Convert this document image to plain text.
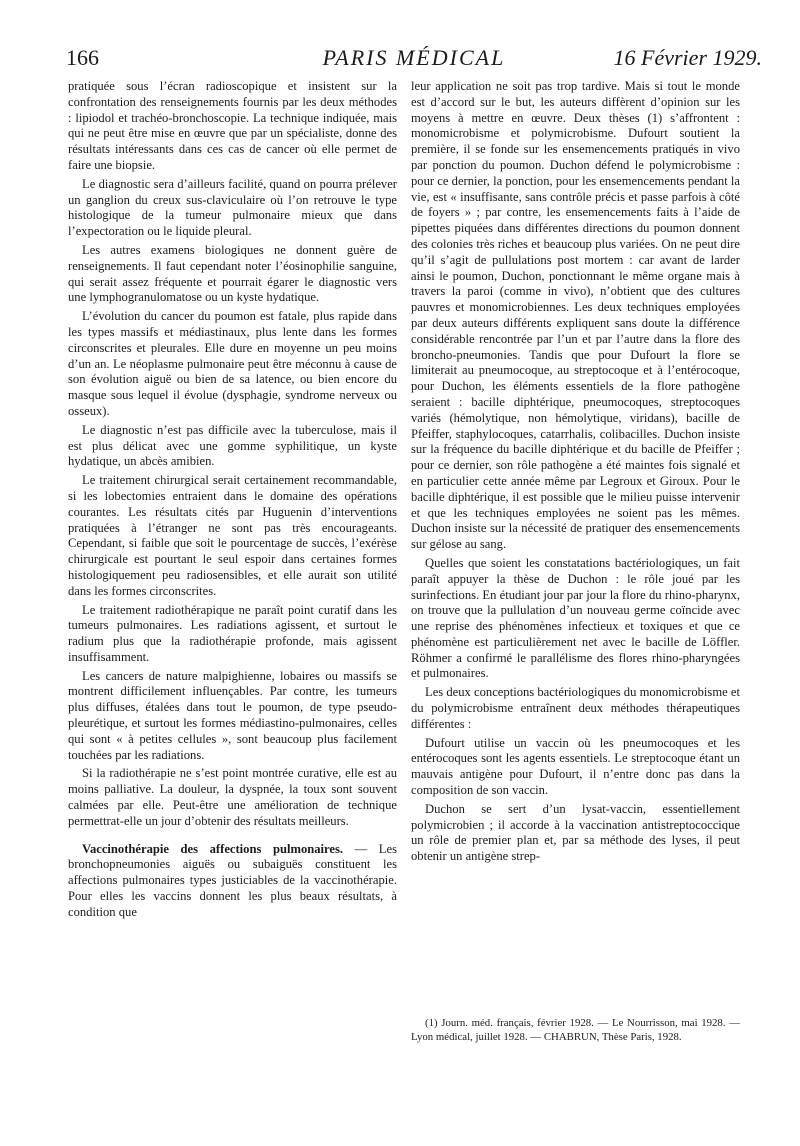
166	PARIS MÉDICAL	16 Février 1929.

pratiquée sous l’écran radioscopique et insistent sur la confrontation des renseignements fournis par les deux méthodes : lipiodol et trachéo-bronchoscopie. La technique indiquée, mais qui ne peut être mise en œuvre que par un spécialiste, donne des résultats intéressants dans ces cas de cancer où elle permet de faire une biopsie.

Le diagnostic sera d’ailleurs facilité, quand on pourra prélever un ganglion du creux sus-claviculaire où l’on retrouve le type histologique de la tumeur pulmonaire mieux que dans l’expectoration ou le liquide pleural.

Les autres examens biologiques ne donnent guère de renseignements. Il faut cependant noter l’éosinophilie sanguine, qui serait assez fréquente et pourrait égarer le diagnostic vers une lymphogranulomatose ou un kyste hydatique.

L’évolution du cancer du poumon est fatale, plus rapide dans les types massifs et médiastinaux, plus lente dans les formes circonscrites et pleurales. Elle dure en moyenne un peu moins d’un an. Le néoplasme pulmonaire peut être méconnu à cause de son évolution aiguë ou bien de sa latence, ou bien encore du masque sous lequel il évolue (dysphagie, syndrome nerveux ou osseux).

Le diagnostic n’est pas difficile avec la tuberculose, mais il est plus délicat avec une gomme syphilitique, un kyste hydatique, un abcès amibien.

Le traitement chirurgical serait certainement recommandable, si les lobectomies entraient dans le domaine des opérations courantes. Les résultats cités par Huguenin d’interventions pratiquées à l’étranger ne sont pas très encourageants. Cependant, si faible que soit le pourcentage de succès, l’exérèse chirurgicale est pourtant le seul espoir dans certaines formes histologiquement peu radiosensibles, et elle aurait son utilité dans les formes circonscrites.

Le traitement radiothérapique ne paraît point curatif dans les tumeurs pulmonaires. Les radiations agissent, et surtout le radium plus que la radiothérapie profonde, mais agissent insuffisamment.

Les cancers de nature malpighienne, lobaires ou massifs se montrent difficilement influençables. Par contre, les tumeurs plus diffuses, étalées dans tout le poumon, de type pseudo-pleurétique, et surtout les formes médiastino-pulmonaires, celles qui sont « à petites cellules », sont beaucoup plus facilement touchées par les radiations.

Si la radiothérapie ne s’est point montrée curative, elle est au moins palliative. La douleur, la dyspnée, la toux sont souvent calmées par elle. Peut-être une amélioration de technique permettrat-elle un jour d’obtenir des résultats meilleurs.

Vaccinothérapie des affections pulmonaires. — Les bronchopneumonies aiguës ou subaiguës constituent les affections pulmonaires types justiciables de la vaccinothérapie. Pour elles les vaccins donnent les plus beaux résultats, à condition que

leur application ne soit pas trop tardive. Mais si tout le monde est d’accord sur le but, les auteurs diffèrent d’opinion sur les moyens à mettre en œuvre. Deux thèses (1) s’affrontent : monomicrobisme et polymicrobisme. Dufourt soutient la première, il se fonde sur les ensemencements pratiqués in vivo par ponction du poumon. Duchon défend le polymicrobisme : pour ce dernier, la ponction, pour les ensemencements pendant la vie, est « insuffisante, sans contrôle précis et passe parfois à côté de foyers » ; par contre, les ensemencements faits à l’aide de pipettes piquées dans différentes directions du poumon donnent des colonies très riches et beaucoup plus variées. On ne peut dire qu’il s’agit de pullulations post mortem : car avant de larder ainsi le poumon, Duchon, ponctionnant le même organe mais à travers la paroi (comme in vivo), n’obtient que des cultures pauvres et monomicrobiennes. Les deux techniques employées par deux auteurs différents expliquent sans doute la différence considérable rencontrée par l’un et par l’autre dans la flore des broncho-pneumonies. Tandis que pour Dufourt la flore se limiterait au pneumocoque, au streptocoque et à l’entérocoque, pour Duchon, les éléments essentiels de la flore pathogène seraient : bacille diphtérique, pneumocoques, streptocoques variés (hémolytique, non hémolytique, viridans), bacille de Pfeiffer, staphylocoques, catarrhalis, colibacilles. Duchon insiste sur la fréquence du bacille diphtérique et du bacille de Pfeiffer ; pour ce dernier, son rôle pathogène a été maintes fois signalé et en particulier cette année même par Legroux et Giroux. Pour le bacille diphtérique, il est possible que le milieu puisse intervenir et que les techniques employées ne soient pas les mêmes. Duchon insiste sur la nécessité de pratiquer des ensemencements sur gélose au sang.

Quelles que soient les constatations bactériologiques, un fait paraît appuyer la thèse de Duchon : le rôle joué par les surinfections. En étudiant jour par jour la flore du rhino-pharynx, on trouve que la pullulation d’un nouveau germe coïncide avec une reprise des phénomènes infectieux et toxiques et que ce phénomène est particulièrement net avec le bacille de Löffler. Röhmer a confirmé le parallélisme des flores rhino-pharyngées et pulmonaires.

Les deux conceptions bactériologiques du monomicrobisme et du polymicrobisme entraînent deux méthodes thérapeutiques différentes :

Dufourt utilise un vaccin où les pneumocoques et les entérocoques sont les agents essentiels. Le streptocoque étant un mauvais antigène pour Dufourt, il n’entre donc pas dans la composition de son vaccin.

Duchon se sert d’un lysat-vaccin, essentiellement polymicrobien ; il accorde à la vaccination antistreptococcique un rôle de premier plan et, par sa méthode des lyses, il peut obtenir un antigène strep-

(1) Journ. méd. français, février 1928. — Le Nourrisson, mai 1928. — Lyon médical, juillet 1928. — CHABRUN, Thèse Paris, 1928.
